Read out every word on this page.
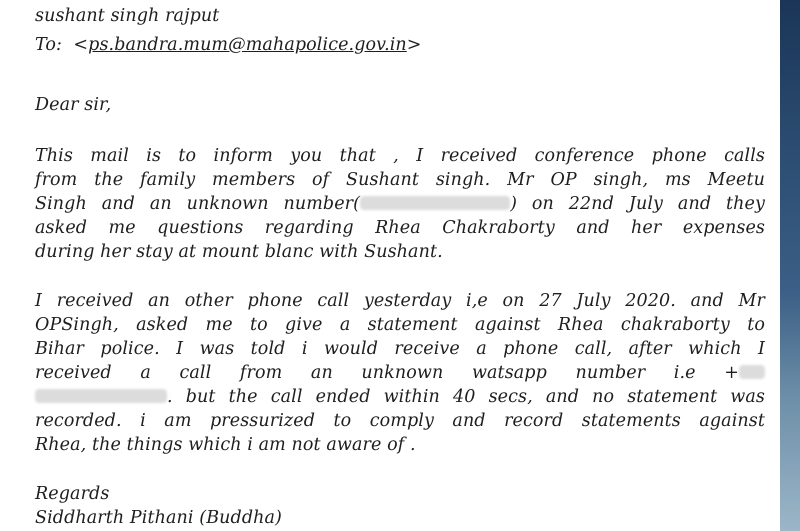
sushant singh rajput
To:  <ps.bandra.mum@mahapolice.gov.in>
Dear sir,
This mail is to inform you that , I received conference phone calls
from the family members of Sushant singh. Mr OP singh, ms Meetu
Singh and an unknown number(	) on 22nd July and they
asked me questions regarding Rhea Chakraborty and her expenses
during her stay at mount blanc with Sushant.
I received an other phone call yesterday i,e on 27 July 2020. and Mr
OPSingh, asked me to give a statement against Rhea chakraborty to
Bihar police. I was told i would receive a phone call, after which I
received a call from an unknown watsapp number i.e +
. but the call ended within 40 secs, and no statement was
recorded. i am pressurized to comply and record statements against
Rhea, the things which i am not aware of .
Regards
Siddharth Pithani (Buddha)
